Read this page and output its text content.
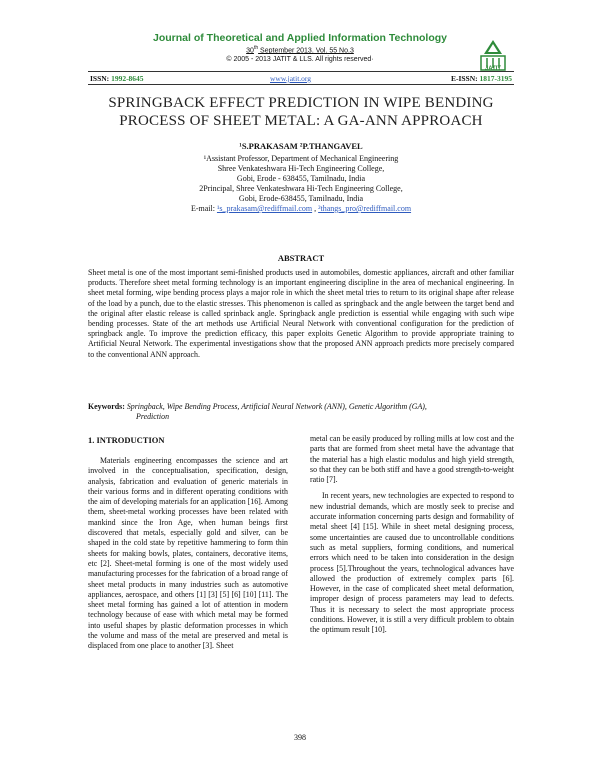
Journal of Theoretical and Applied Information Technology
30th September 2013. Vol. 55 No.3
© 2005 - 2013 JATIT & LLS. All rights reserved·
JATIT
ISSN: 1992-8645	www.jatit.org	E-ISSN: 1817-3195
SPRINGBACK EFFECT PREDICTION IN WIPE BENDING
PROCESS OF SHEET METAL: A GA-ANN APPROACH
¹S.PRAKASAM ²P.THANGAVEL
¹Assistant Professor, Department of Mechanical Engineering
Shree Venkateshwara Hi-Tech Engineering College,
Gobi, Erode - 638455, Tamilnadu, India
2Principal, Shree Venkateshwara Hi-Tech Engineering College,
Gobi, Erode-638455, Tamilnadu, India
E-mail: ¹s_prakasam@rediffmail.com , ²thangs_pro@rediffmail.com
ABSTRACT
Sheet metal is one of the most important semi-finished products used in automobiles, domestic appliances, aircraft and other familiar products. Therefore sheet metal forming technology is an important engineering discipline in the area of mechanical engineering. In sheet metal forming, wipe bending process plays a major role in which the sheet metal tries to return to its original shape after release of the load by a punch, due to the elastic stresses. This phenomenon is called as springback and the angle between the target bend and the original after elastic release is called sprinback angle. Springback angle prediction is essential while engaging with such wipe bending processes. State of the art methods use Artificial Neural Network with conventional configuration for the prediction of springback angle. To improve the prediction efficacy, this paper exploits Genetic Algorithm to provide appropriate training to Artificial Neural Network. The experimental investigations show that the proposed ANN approach predicts more precisely compared to the conventional ANN approach.
Keywords: Springback, Wipe Bending Process, Artificial Neural Network (ANN), Genetic Algorithm (GA),
Prediction
1. INTRODUCTION

Materials engineering encompasses the science and art involved in the conceptualisation, specification, design, analysis, fabrication and evaluation of generic materials in their various forms and in different operating conditions with the aim of developing materials for an application [16]. Among them, sheet-metal working processes have been related with mankind since the Iron Age, when human beings first discovered that metals, especially gold and silver, can be shaped in the cold state by repetitive hammering to form thin sheets for making bowls, plates, containers, decorative items, etc [2]. Sheet-metal forming is one of the most widely used manufacturing processes for the fabrication of a broad range of sheet metal products in many industries such as automotive appliances, aerospace, and others [1] [3] [5] [6] [10] [11]. The sheet metal forming has gained a lot of attention in modern technology because of ease with which metal may be formed into useful shapes by plastic deformation processes in which the volume and mass of the metal are preserved and metal is displaced from one place to another [3]. Sheet

metal can be easily produced by rolling mills at low cost and the parts that are formed from sheet metal have the advantage that the material has a high elastic modulus and high yield strength, so that they can be both stiff and have a good strength-to-weight ratio [7].

In recent years, new technologies are expected to respond to new industrial demands, which are mostly seek to precise and accurate information concerning parts design and formability of metal sheet [4] [15]. While in sheet metal designing process, some uncertainties are caused due to uncontrollable conditions such as metal suppliers, forming conditions, and numerical errors which need to be taken into consideration in the design process [5].Throughout the years, technological advances have allowed the production of extremely complex parts [6]. However, in the case of complicated sheet metal deformation, improper design of process parameters may lead to defects. Thus it is necessary to select the most appropriate process conditions. However, it is still a very difficult problem to obtain the optimum result [10].

398
